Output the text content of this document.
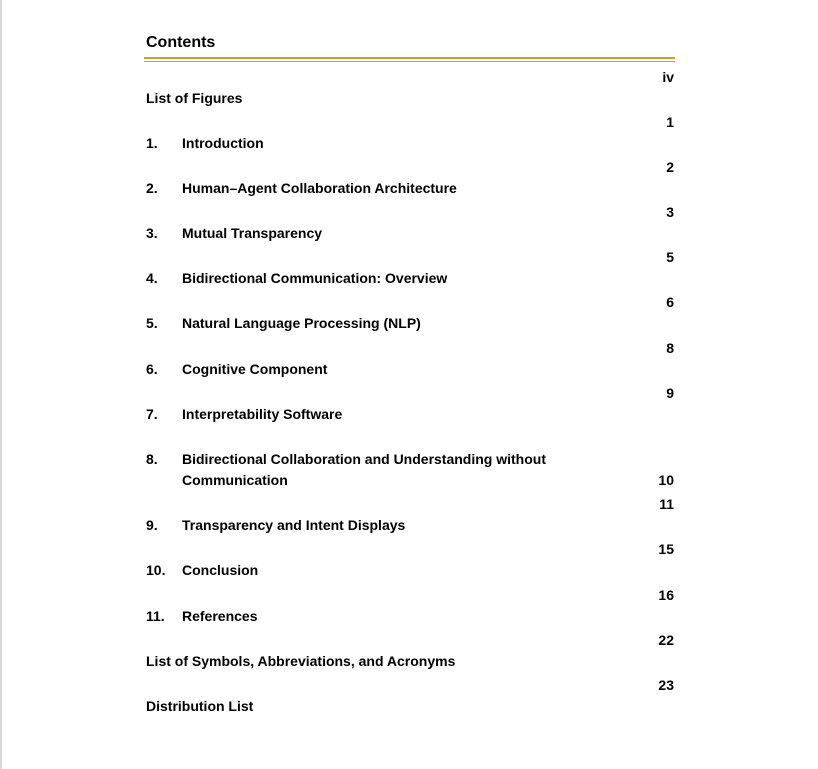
Contents
List of Figures
iv
1. Introduction
1
2. Human–Agent Collaboration Architecture
2
3. Mutual Transparency
3
4. Bidirectional Communication: Overview
5
5. Natural Language Processing (NLP)
6
6. Cognitive Component
8
7. Interpretability Software
9
8. Bidirectional Collaboration and Understanding without Communication	10
9. Transparency and Intent Displays
11
10. Conclusion
15
11. References
16
List of Symbols, Abbreviations, and Acronyms
22
Distribution List
23
